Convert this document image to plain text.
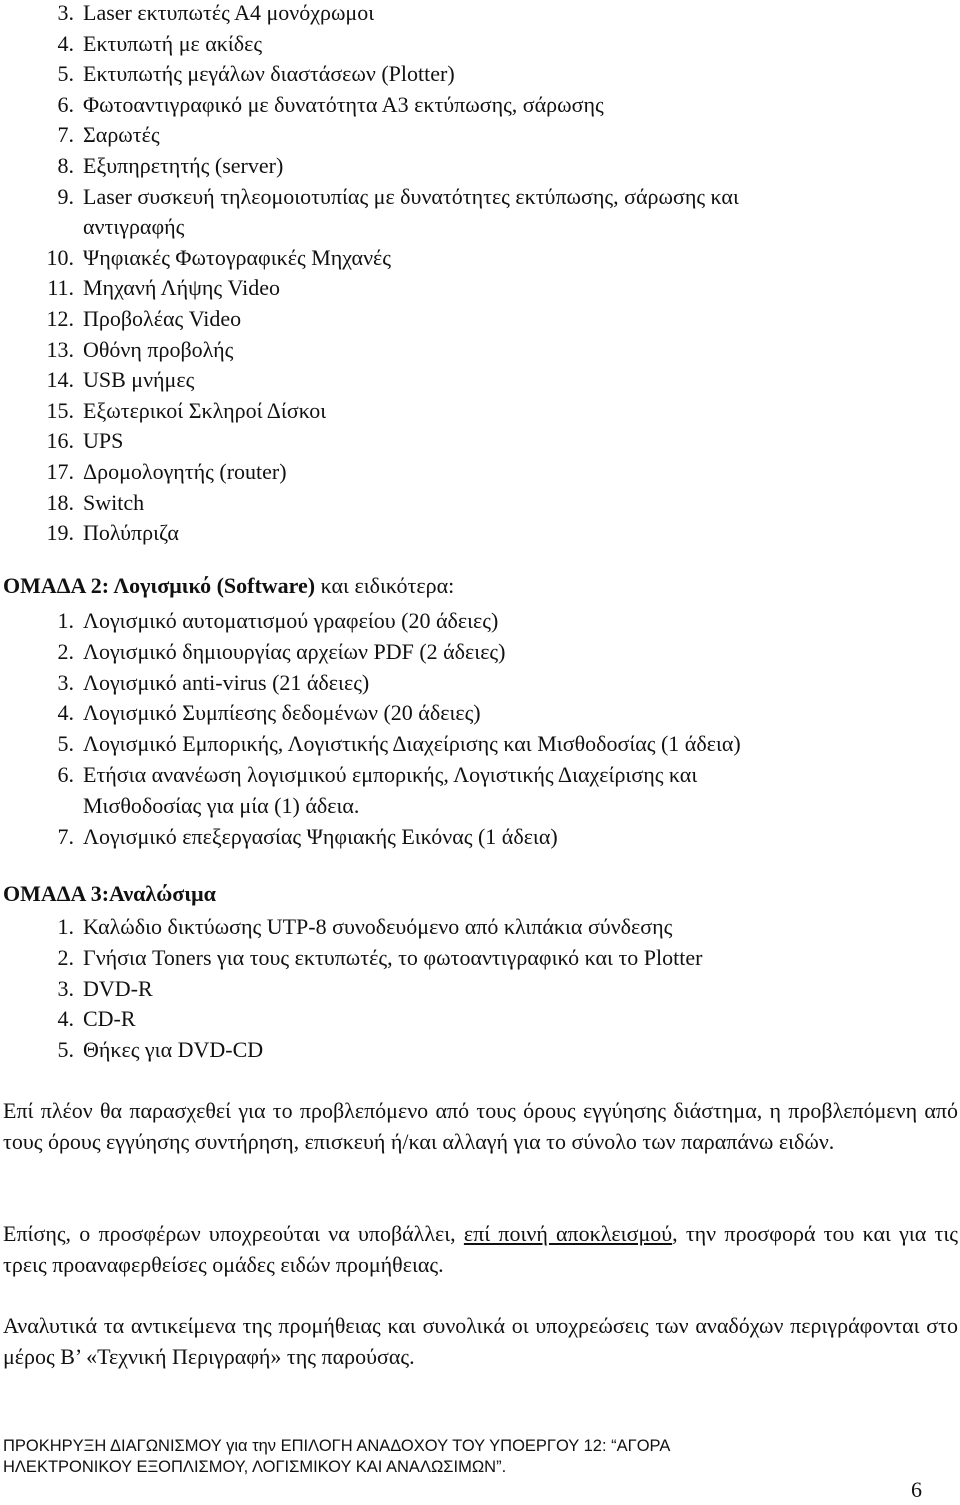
3. Laser εκτυπωτές Α4 μονόχρωμοι
4. Εκτυπωτή με ακίδες
5. Εκτυπωτής μεγάλων διαστάσεων (Plotter)
6. Φωτοαντιγραφικό με δυνατότητα Α3 εκτύπωσης, σάρωσης
7. Σαρωτές
8. Εξυπηρετητής (server)
9. Laser συσκευή τηλεομοιοτυπίας με δυνατότητες εκτύπωσης, σάρωσης και
αντιγραφής
10. Ψηφιακές Φωτογραφικές Μηχανές
11. Μηχανή Λήψης Video
12. Προβολέας Video
13. Οθόνη προβολής
14. USB μνήμες
15. Εξωτερικοί Σκληροί Δίσκοι
16. UPS
17. Δρομολογητής (router)
18. Switch
19. Πολύπριζα
ΟΜΑΔΑ 2: Λογισμικό (Software) και ειδικότερα:
1. Λογισμικό αυτοματισμού γραφείου (20 άδειες)
2. Λογισμικό δημιουργίας αρχείων PDF (2 άδειες)
3. Λογισμικό anti-virus (21 άδειες)
4. Λογισμικό Συμπίεσης δεδομένων (20 άδειες)
5. Λογισμικό Εμπορικής, Λογιστικής Διαχείρισης και Μισθοδοσίας (1 άδεια)
6. Ετήσια ανανέωση λογισμικού εμπορικής, Λογιστικής Διαχείρισης και
Μισθοδοσίας για μία (1) άδεια.
7. Λογισμικό επεξεργασίας Ψηφιακής Εικόνας (1 άδεια)
ΟΜΑΔΑ 3:Αναλώσιμα
1. Καλώδιο δικτύωσης UTP-8 συνοδευόμενο από κλιπάκια σύνδεσης
2. Γνήσια Toners για τους εκτυπωτές, το φωτοαντιγραφικό και το Plotter
3. DVD-R
4. CD-R
5. Θήκες για DVD-CD
Επί πλέον θα παρασχεθεί για το προβλεπόμενο από τους όρους εγγύησης διάστημα, η προβλεπόμενη από τους όρους εγγύησης συντήρηση, επισκευή ή/και αλλαγή για το σύνολο των παραπάνω ειδών.
Επίσης, ο προσφέρων υποχρεούται να υποβάλλει, επί ποινή αποκλεισμού, την προσφορά του και για τις τρεις προαναφερθείσες ομάδες ειδών προμήθειας.
Αναλυτικά τα αντικείμενα της προμήθειας και συνολικά οι υποχρεώσεις των αναδόχων περιγράφονται στο μέρος Β’ «Τεχνική Περιγραφή» της παρούσας.
ΠΡΟΚΗΡΥΞΗ ΔΙΑΓΩΝΙΣΜΟΥ για την ΕΠΙΛΟΓΗ ΑΝΑΔΟΧΟΥ ΤΟΥ ΥΠΟΕΡΓΟΥ 12: “ΑΓΟΡΑ
ΗΛΕΚΤΡΟΝΙΚΟΥ ΕΞΟΠΛΙΣΜΟΥ, ΛΟΓΙΣΜΙΚΟΥ ΚΑΙ ΑΝΑΛΩΣΙΜΩΝ”.
6
